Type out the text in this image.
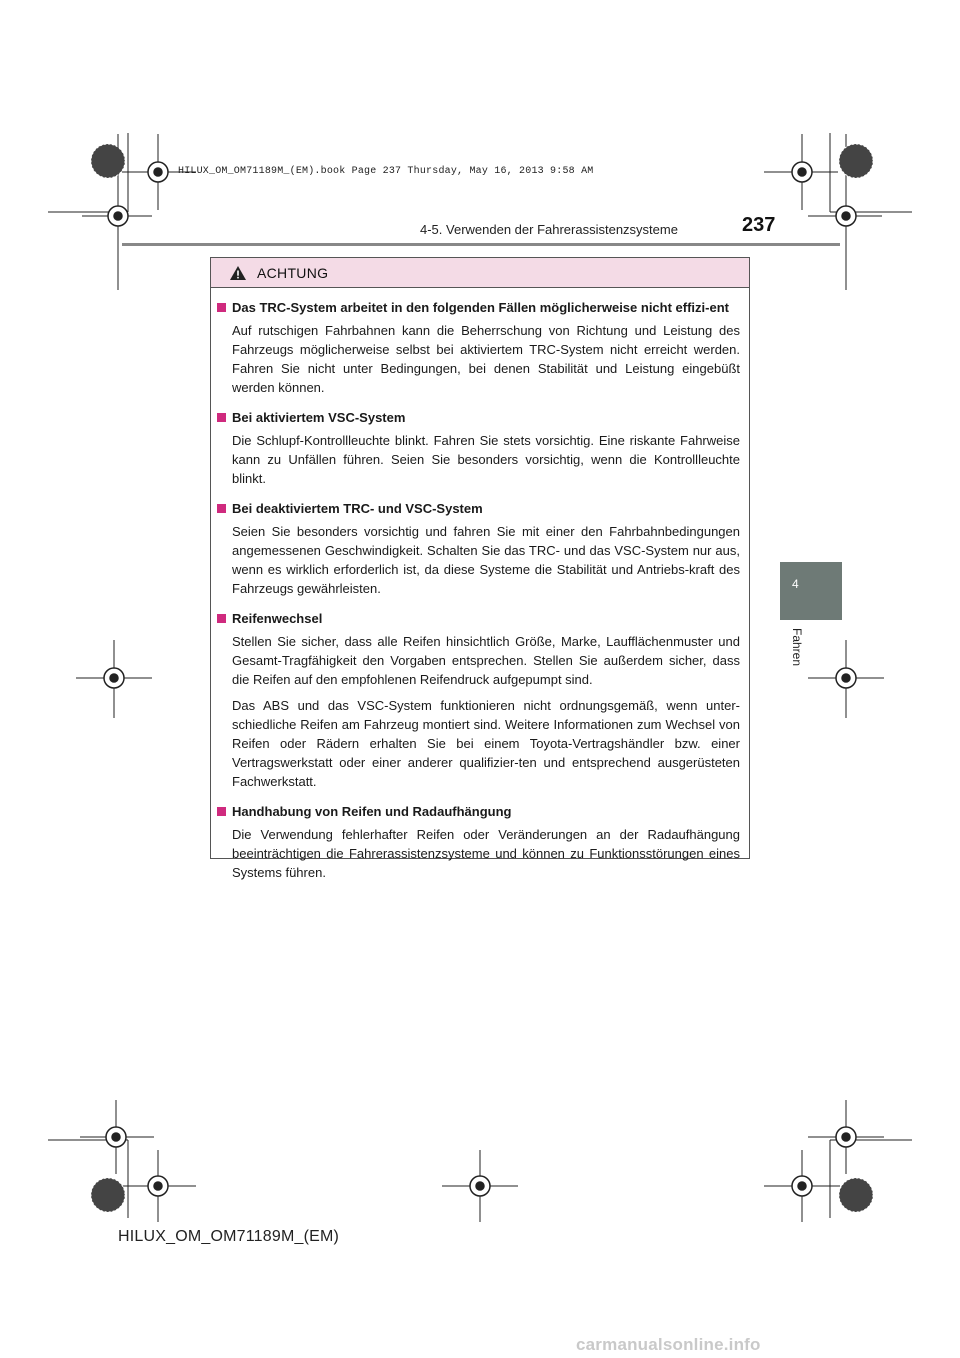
HILUX_OM_OM71189M_(EM).book Page 237 Thursday, May 16, 2013 9:58 AM
4-5. Verwenden der Fahrerassistenzsysteme	237
4
Fahren
ACHTUNG
Das TRC-System arbeitet in den folgenden Fällen möglicherweise nicht effizi-ent

Auf rutschigen Fahrbahnen kann die Beherrschung von Richtung und Leistung des Fahrzeugs möglicherweise selbst bei aktiviertem TRC-System nicht erreicht werden. Fahren Sie nicht unter Bedingungen, bei denen Stabilität und Leistung eingebüßt werden können.

Bei aktiviertem VSC-System

Die Schlupf-Kontrollleuchte blinkt. Fahren Sie stets vorsichtig. Eine riskante Fahrweise kann zu Unfällen führen. Seien Sie besonders vorsichtig, wenn die Kontrollleuchte blinkt.

Bei deaktiviertem TRC- und VSC-System

Seien Sie besonders vorsichtig und fahren Sie mit einer den Fahrbahnbedingungen angemessenen Geschwindigkeit. Schalten Sie das TRC- und das VSC-System nur aus, wenn es wirklich erforderlich ist, da diese Systeme die Stabilität und Antriebs-kraft des Fahrzeugs gewährleisten.

Reifenwechsel

Stellen Sie sicher, dass alle Reifen hinsichtlich Größe, Marke, Laufflächenmuster und Gesamt-Tragfähigkeit den Vorgaben entsprechen. Stellen Sie außerdem sicher, dass die Reifen auf den empfohlenen Reifendruck aufgepumpt sind.

Das ABS und das VSC-System funktionieren nicht ordnungsgemäß, wenn unter-schiedliche Reifen am Fahrzeug montiert sind. Weitere Informationen zum Wechsel von Reifen oder Rädern erhalten Sie bei einem Toyota-Vertragshändler bzw. einer Vertragswerkstatt oder einer anderer qualifizier-ten und entsprechend ausgerüsteten Fachwerkstatt.

Handhabung von Reifen und Radaufhängung

Die Verwendung fehlerhafter Reifen oder Veränderungen an der Radaufhängung beeinträchtigen die Fahrerassistenzsysteme und können zu Funktionsstörungen eines Systems führen.

HILUX_OM_OM71189M_(EM)
carmanualsonline.info
